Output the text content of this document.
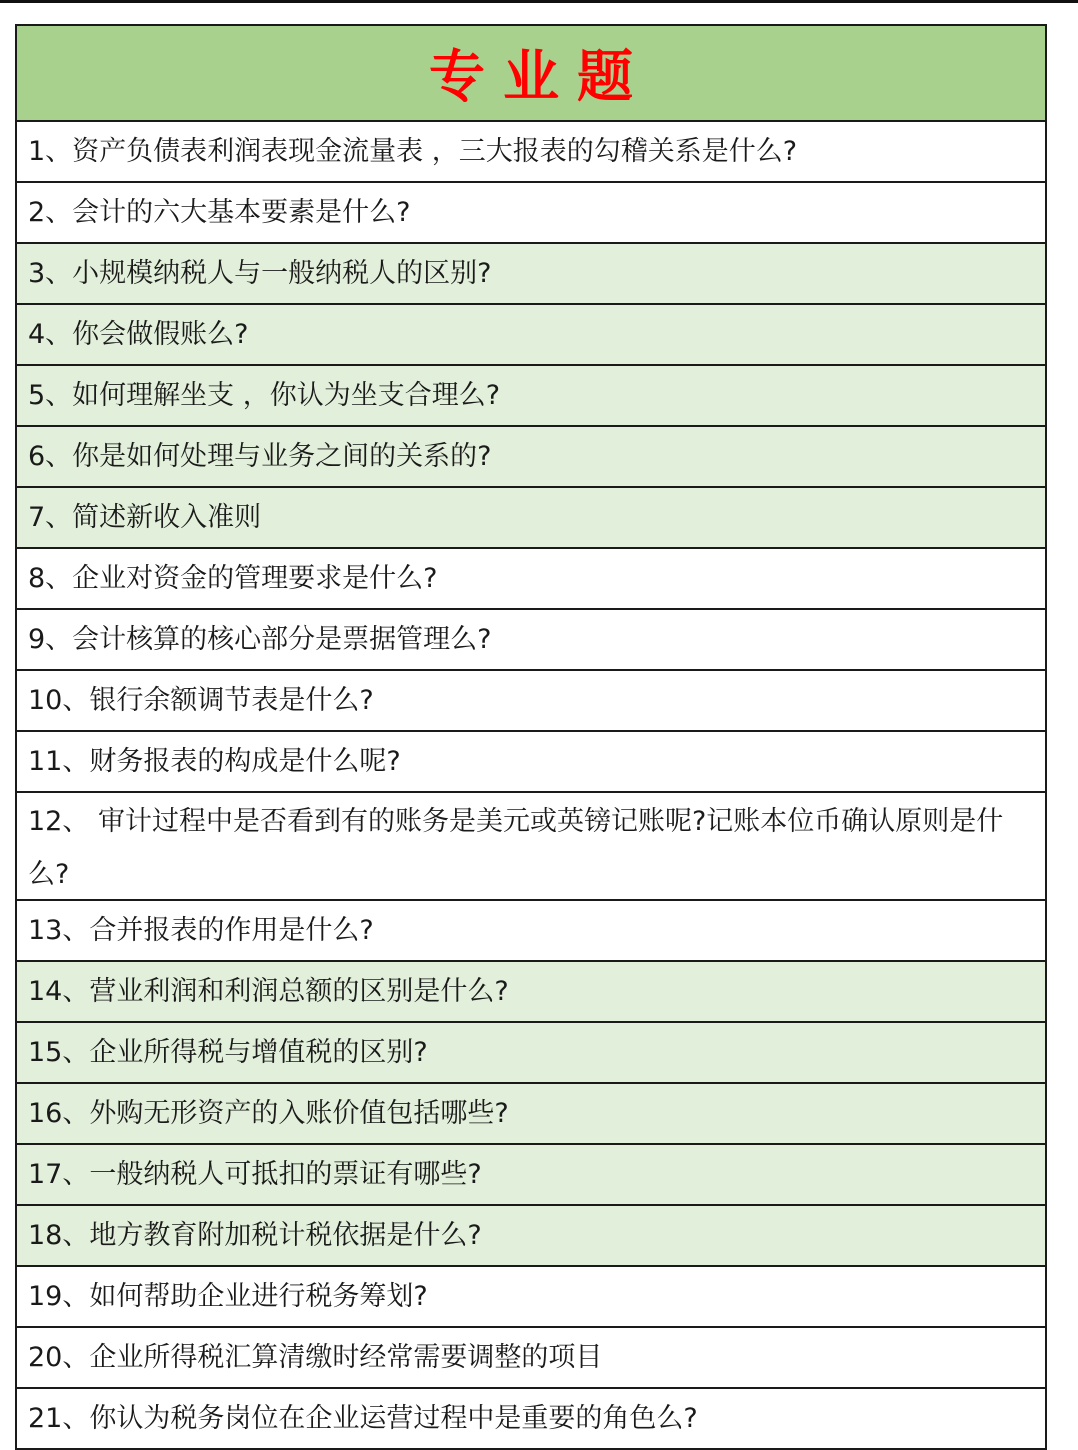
专业题
1、资产负债表利润表现金流量表 ，三大报表的勾稽关系是什么?
2、会计的六大基本要素是什么?
3、小规模纳税人与一般纳税人的区别?
4、你会做假账么?
5、如何理解坐支 ，你认为坐支合理么?
6、你是如何处理与业务之间的关系的?
7、简述新收入准则
8、企业对资金的管理要求是什么?
9、会计核算的核心部分是票据管理么?
10、银行余额调节表是什么?
11、财务报表的构成是什么呢?
12、 审计过程中是否看到有的账务是美元或英镑记账呢?记账本位币确认原则是什么?
13、合并报表的作用是什么?
14、营业利润和利润总额的区别是什么?
15、企业所得税与增值税的区别?
16、外购无形资产的入账价值包括哪些?
17、一般纳税人可抵扣的票证有哪些?
18、地方教育附加税计税依据是什么?
19、如何帮助企业进行税务筹划?
20、企业所得税汇算清缴时经常需要调整的项目
21、你认为税务岗位在企业运营过程中是重要的角色么?
